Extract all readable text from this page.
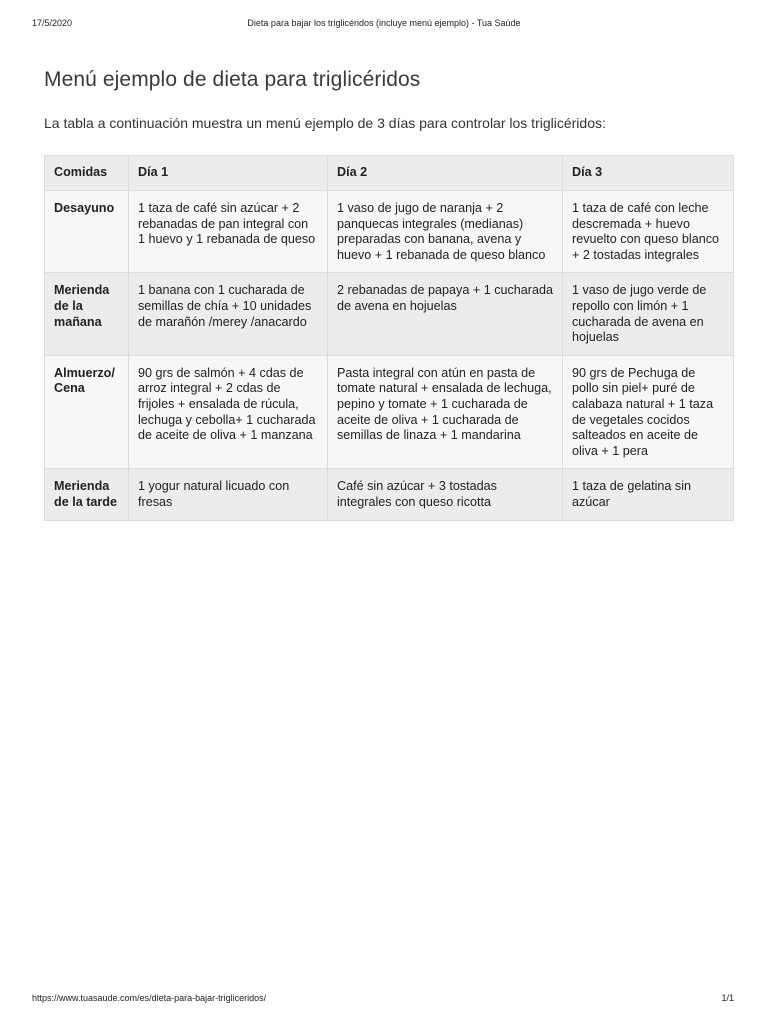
17/5/2020	Dieta para bajar los triglicéridos (incluye menú ejemplo) - Tua Saúde
Menú ejemplo de dieta para triglicéridos

La tabla a continuación muestra un menú ejemplo de 3 días para controlar los triglicéridos:

Comidas	Día 1	Día 2	Día 3
Desayuno	1 taza de café sin azúcar + 2 rebanadas de pan integral con 1 huevo y 1 rebanada de queso	1 vaso de jugo de naranja + 2 panquecas integrales (medianas) preparadas con banana, avena y huevo + 1 rebanada de queso blanco	1 taza de café con leche descremada + huevo revuelto con queso blanco + 2 tostadas integrales
Merienda de la mañana	1 banana con 1 cucharada de semillas de chía + 10 unidades de marañón /merey /anacardo	2 rebanadas de papaya + 1 cucharada de avena en hojuelas	1 vaso de jugo verde de repollo con limón + 1 cucharada de avena en hojuelas
Almuerzo/ Cena	90 grs de salmón + 4 cdas de arroz integral + 2 cdas de frijoles + ensalada de rúcula, lechuga y cebolla+ 1 cucharada de aceite de oliva + 1 manzana	Pasta integral con atún en pasta de tomate natural + ensalada de lechuga, pepino y tomate + 1 cucharada de aceite de oliva + 1 cucharada de semillas de linaza + 1 mandarina	90 grs de Pechuga de pollo sin piel+ puré de calabaza natural + 1 taza de vegetales cocidos salteados en aceite de oliva + 1 pera
Merienda de la tarde	1 yogur natural licuado con fresas	Café sin azúcar + 3 tostadas integrales con queso ricotta	1 taza de gelatina sin azúcar
https://www.tuasaude.com/es/dieta-para-bajar-trigliceridos/	1/1
